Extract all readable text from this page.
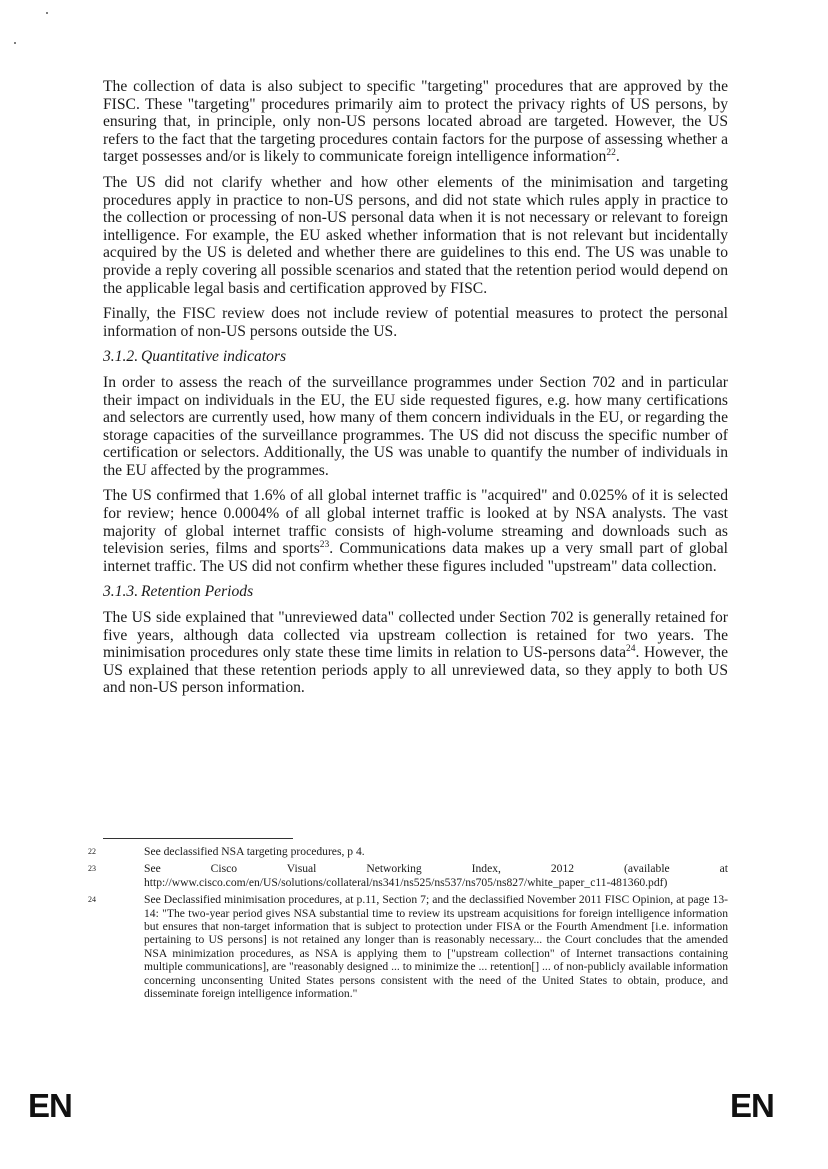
The collection of data is also subject to specific "targeting" procedures that are approved by the FISC. These "targeting" procedures primarily aim to protect the privacy rights of US persons, by ensuring that, in principle, only non-US persons located abroad are targeted. However, the US refers to the fact that the targeting procedures contain factors for the purpose of assessing whether a target possesses and/or is likely to communicate foreign intelligence information$^{22}$.

The US did not clarify whether and how other elements of the minimisation and targeting procedures apply in practice to non-US persons, and did not state which rules apply in practice to the collection or processing of non-US personal data when it is not necessary or relevant to foreign intelligence. For example, the EU asked whether information that is not relevant but incidentally acquired by the US is deleted and whether there are guidelines to this end. The US was unable to provide a reply covering all possible scenarios and stated that the retention period would depend on the applicable legal basis and certification approved by FISC.

Finally, the FISC review does not include review of potential measures to protect the personal information of non-US persons outside the US.

3.1.2. Quantitative indicators

In order to assess the reach of the surveillance programmes under Section 702 and in particular their impact on individuals in the EU, the EU side requested figures, e.g. how many certifications and selectors are currently used, how many of them concern individuals in the EU, or regarding the storage capacities of the surveillance programmes. The US did not discuss the specific number of certification or selectors. Additionally, the US was unable to quantify the number of individuals in the EU affected by the programmes.

The US confirmed that 1.6% of all global internet traffic is "acquired" and 0.025% of it is selected for review; hence 0.0004% of all global internet traffic is looked at by NSA analysts. The vast majority of global internet traffic consists of high-volume streaming and downloads such as television series, films and sports$^{23}$. Communications data makes up a very small part of global internet traffic. The US did not confirm whether these figures included "upstream" data collection.

3.1.3. Retention Periods

The US side explained that "unreviewed data" collected under Section 702 is generally retained for five years, although data collected via upstream collection is retained for two years. The minimisation procedures only state these time limits in relation to US-persons data$^{24}$. However, the US explained that these retention periods apply to all unreviewed data, so they apply to both US and non-US person information.

22	See declassified NSA targeting procedures, p 4.
23	See Cisco Visual Networking Index, 2012 (available at http://www.cisco.com/en/US/solutions/collateral/ns341/ns525/ns537/ns705/ns827/white_paper_c11-481360.pdf)
24	See Declassified minimisation procedures, at p.11, Section 7; and the declassified November 2011 FISC Opinion, at page 13-14: "The two-year period gives NSA substantial time to review its upstream acquisitions for foreign intelligence information but ensures that non-target information that is subject to protection under FISA or the Fourth Amendment [i.e. information pertaining to US persons] is not retained any longer than is reasonably necessary... the Court concludes that the amended NSA minimization procedures, as NSA is applying them to ["upstream collection" of Internet transactions containing multiple communications], are "reasonably designed ... to minimize the ... retention[] ... of non-publicly available information concerning unconsenting United States persons consistent with the need of the United States to obtain, produce, and disseminate foreign intelligence information."
EN	EN
